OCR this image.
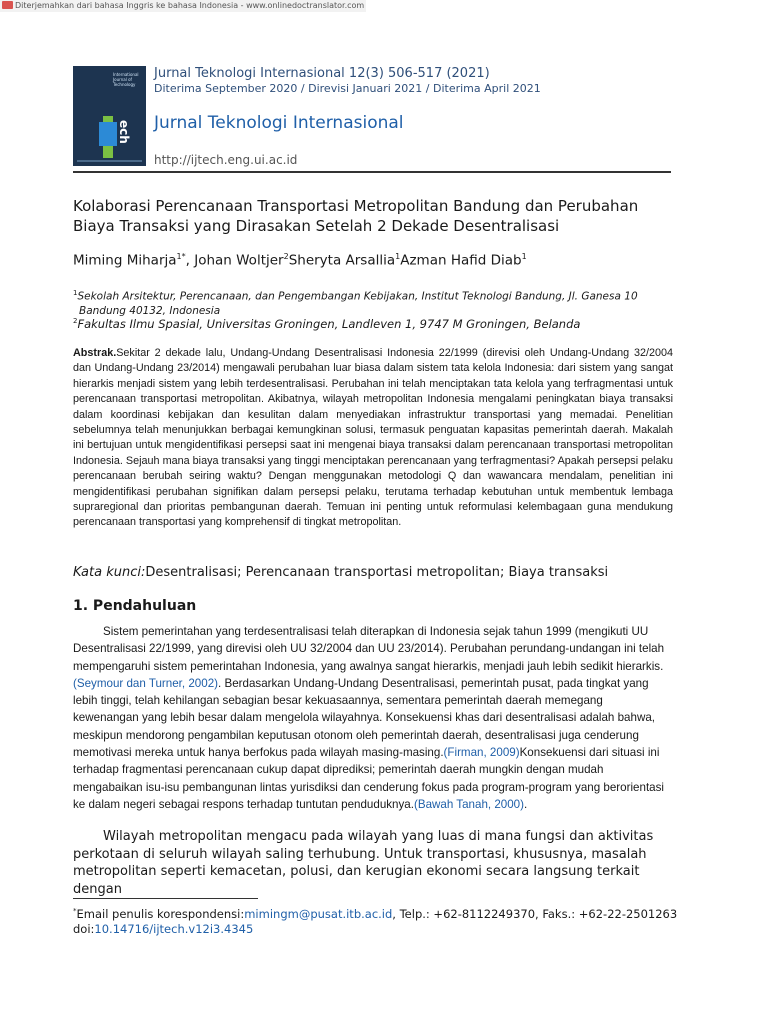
Diterjemahkan dari bahasa Inggris ke bahasa Indonesia - www.onlinedoctranslator.com
International
Journal of
Technology
ech
Jurnal Teknologi Internasional 12(3) 506-517 (2021)
Diterima September 2020 / Direvisi Januari 2021 / Diterima April 2021
Jurnal Teknologi Internasional
http://ijtech.eng.ui.ac.id
Kolaborasi Perencanaan Transportasi Metropolitan Bandung dan Perubahan
Biaya Transaksi yang Dirasakan Setelah 2 Dekade Desentralisasi
Miming Miharja$^{1*}$, Johan Woltjer$^2$Sheryta Arsallia$^1$Azman Hafid Diab$^1$
$^1$Sekolah Arsitektur, Perencanaan, dan Pengembangan Kebijakan, Institut Teknologi Bandung, Jl. Ganesa 10
Bandung 40132, Indonesia
$^2$Fakultas Ilmu Spasial, Universitas Groningen, Landleven 1, 9747 M Groningen, Belanda
Abstrak.Sekitar 2 dekade lalu, Undang-Undang Desentralisasi Indonesia 22/1999 (direvisi oleh Undang-Undang 32/2004 dan Undang-Undang 23/2014) mengawali perubahan luar biasa dalam sistem tata kelola Indonesia: dari sistem yang sangat hierarkis menjadi sistem yang lebih terdesentralisasi. Perubahan ini telah menciptakan tata kelola yang terfragmentasi untuk perencanaan transportasi metropolitan. Akibatnya, wilayah metropolitan Indonesia mengalami peningkatan biaya transaksi dalam koordinasi kebijakan dan kesulitan dalam menyediakan infrastruktur transportasi yang memadai. Penelitian sebelumnya telah menunjukkan berbagai kemungkinan solusi, termasuk penguatan kapasitas pemerintah daerah. Makalah ini bertujuan untuk mengidentifikasi persepsi saat ini mengenai biaya transaksi dalam perencanaan transportasi metropolitan Indonesia. Sejauh mana biaya transaksi yang tinggi menciptakan perencanaan yang terfragmentasi? Apakah persepsi pelaku perencanaan berubah seiring waktu? Dengan menggunakan metodologi Q dan wawancara mendalam, penelitian ini mengidentifikasi perubahan signifikan dalam persepsi pelaku, terutama terhadap kebutuhan untuk membentuk lembaga supraregional dan prioritas pembangunan daerah. Temuan ini penting untuk reformulasi kelembagaan guna mendukung perencanaan transportasi yang komprehensif di tingkat metropolitan.
Kata kunci:Desentralisasi; Perencanaan transportasi metropolitan; Biaya transaksi
1. Pendahuluan
Sistem pemerintahan yang terdesentralisasi telah diterapkan di Indonesia sejak tahun 1999 (mengikuti UU Desentralisasi 22/1999, yang direvisi oleh UU 32/2004 dan UU 23/2014). Perubahan perundang-undangan ini telah mempengaruhi sistem pemerintahan Indonesia, yang awalnya sangat hierarkis, menjadi jauh lebih sedikit hierarkis.(Seymour dan Turner, 2002). Berdasarkan Undang-Undang Desentralisasi, pemerintah pusat, pada tingkat yang lebih tinggi, telah kehilangan sebagian besar kekuasaannya, sementara pemerintah daerah memegang kewenangan yang lebih besar dalam mengelola wilayahnya. Konsekuensi khas dari desentralisasi adalah bahwa, meskipun mendorong pengambilan keputusan otonom oleh pemerintah daerah, desentralisasi juga cenderung memotivasi mereka untuk hanya berfokus pada wilayah masing-masing.(Firman, 2009)Konsekuensi dari situasi ini terhadap fragmentasi perencanaan cukup dapat diprediksi; pemerintah daerah mungkin dengan mudah mengabaikan isu-isu pembangunan lintas yurisdiksi dan cenderung fokus pada program-program yang berorientasi ke dalam negeri sebagai respons terhadap tuntutan penduduknya.(Bawah Tanah, 2000).
Wilayah metropolitan mengacu pada wilayah yang luas di mana fungsi dan aktivitas perkotaan di seluruh wilayah saling terhubung. Untuk transportasi, khususnya, masalah metropolitan seperti kemacetan, polusi, dan kerugian ekonomi secara langsung terkait dengan
*Email penulis korespondensi:mimingm@pusat.itb.ac.id, Telp.: +62-8112249370, Faks.: +62-22-2501263
doi:10.14716/ijtech.v12i3.4345
